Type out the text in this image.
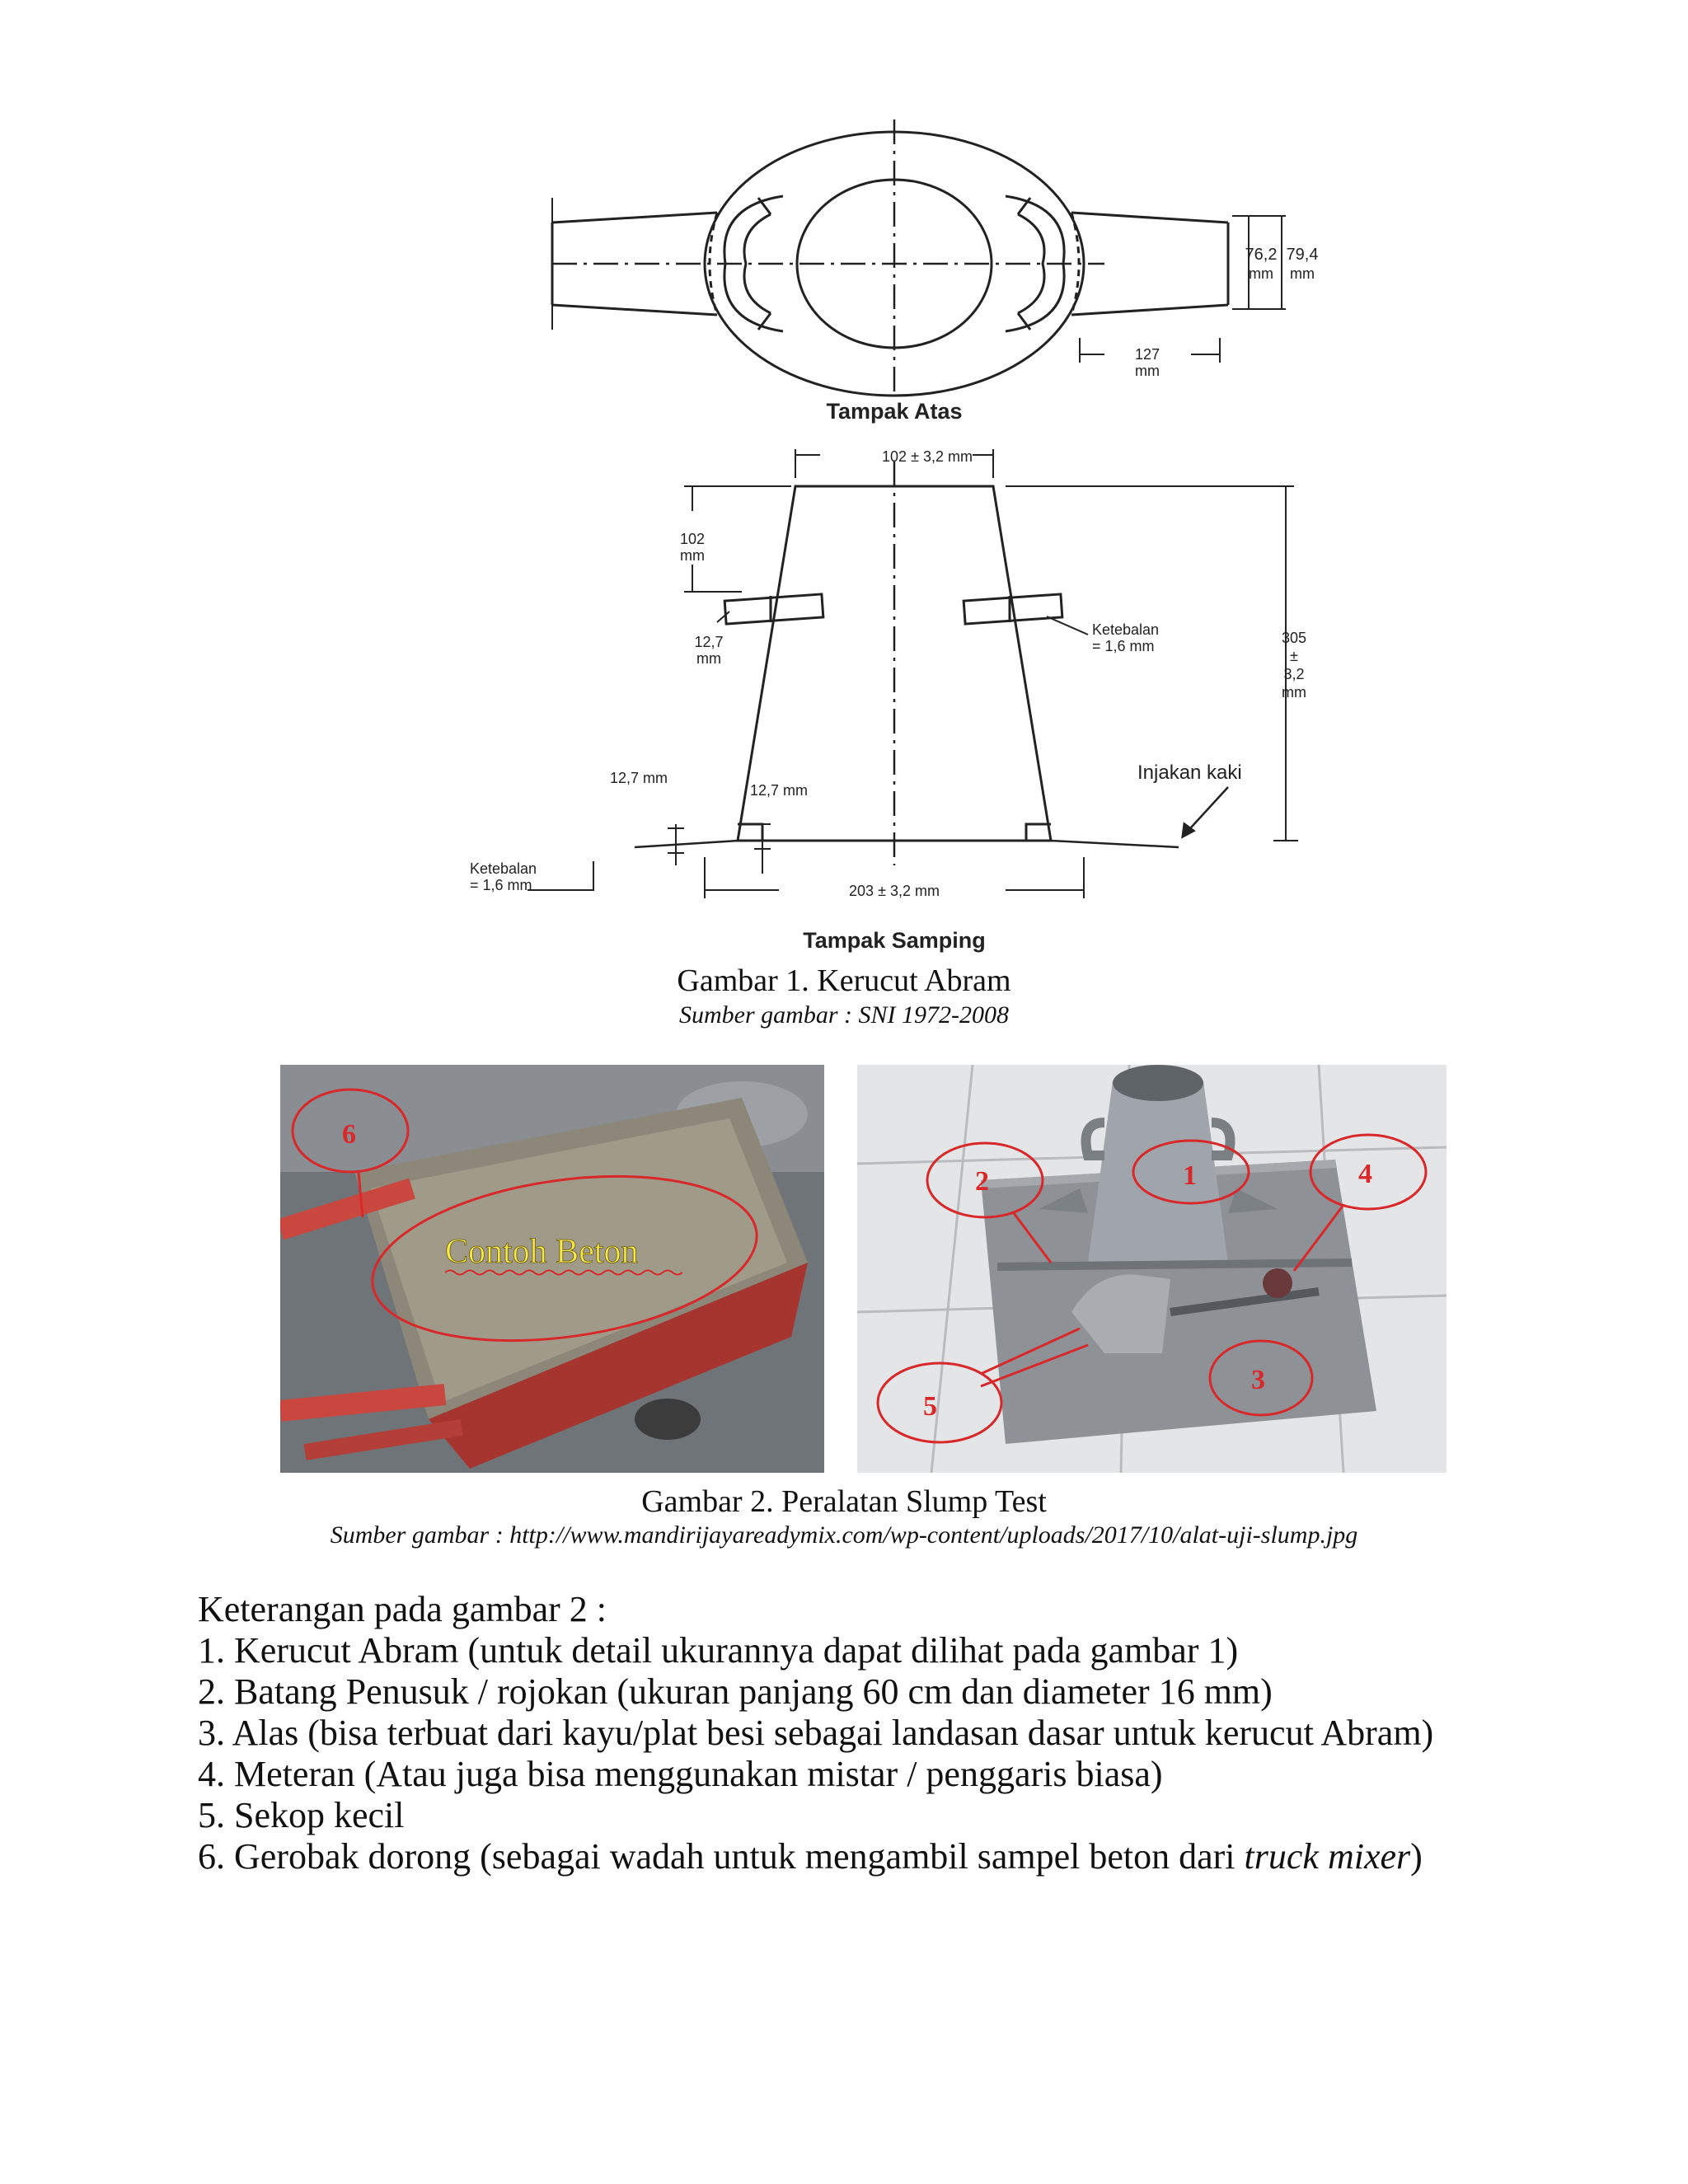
76,2
mm
79,4
mm
127
mm
Tampak Atas
102 ± 3,2 mm
102
mm
12,7
mm
Ketebalan
= 1,6 mm	305
±
3,2
mm
12,7 mm
12,7 mm
Injakan kaki
Ketebalan
= 1,6 mm	203 ± 3,2 mm
Tampak Samping
Gambar 1. Kerucut Abram
Sumber gambar : SNI 1972-2008
6
Contoh Beton
1
2	4
3
5
Gambar 2. Peralatan Slump Test
Sumber gambar : http://www.mandirijayareadymix.com/wp-content/uploads/2017/10/alat-uji-slump.jpg
Keterangan pada gambar 2 :
1. Kerucut Abram (untuk detail ukurannya dapat dilihat pada gambar 1)
2. Batang Penusuk / rojokan (ukuran panjang 60 cm dan diameter 16 mm)
3. Alas (bisa terbuat dari kayu/plat besi sebagai landasan dasar untuk kerucut Abram)
4. Meteran (Atau juga bisa menggunakan mistar / penggaris biasa)
5. Sekop kecil
6. Gerobak dorong (sebagai wadah untuk mengambil sampel beton dari truck mixer)
